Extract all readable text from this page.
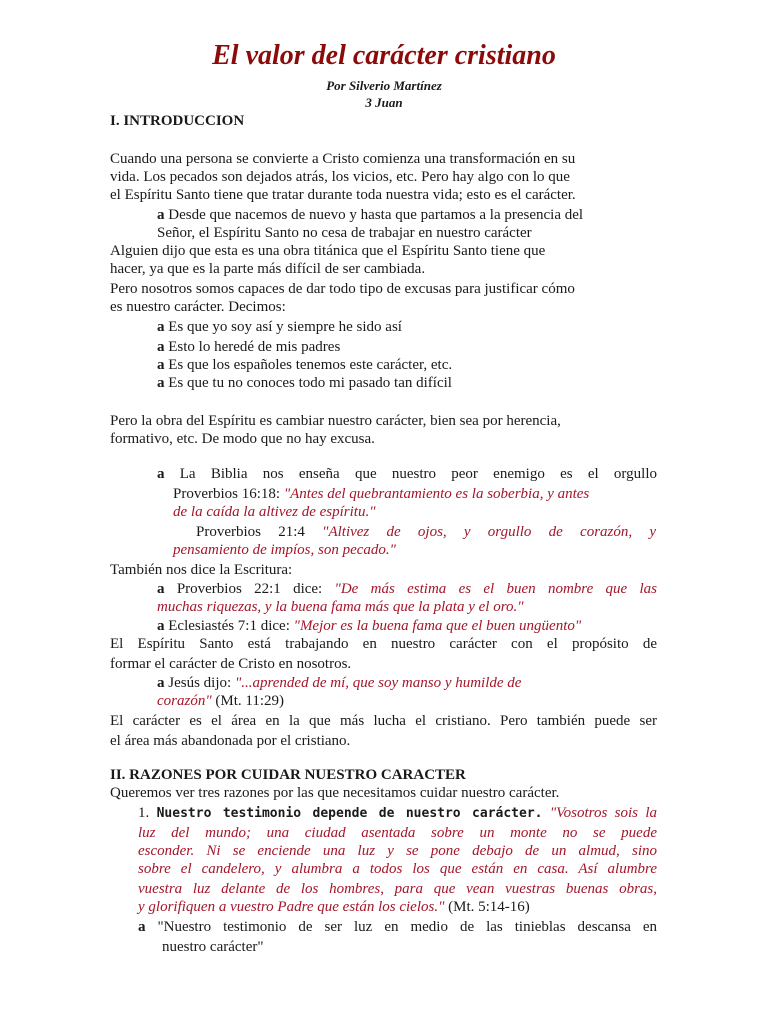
El valor del carácter cristiano
Por Silverio Martínez
3 Juan
I. INTRODUCCION
Cuando una persona se convierte a Cristo comienza una transformación en su
vida. Los pecados son dejados atrás, los vicios, etc. Pero hay algo con lo que
el Espíritu Santo tiene que tratar durante toda nuestra vida; esto es el carácter.
a Desde que nacemos de nuevo y hasta que partamos a la presencia del
Señor, el Espíritu Santo no cesa de trabajar en nuestro carácter
Alguien dijo que esta es una obra titánica que el Espíritu Santo tiene que
hacer, ya que es la parte más difícil de ser cambiada.
Pero nosotros somos capaces de dar todo tipo de excusas para justificar cómo
es nuestro carácter. Decimos:
a Es que yo soy así y siempre he sido así
a Esto lo heredé de mis padres
a Es que los españoles tenemos este carácter, etc.
a Es que tu no conoces todo mi pasado tan difícil
Pero la obra del Espíritu es cambiar nuestro carácter, bien sea por herencia,
formativo, etc. De modo que no hay excusa.
a La Biblia nos enseña que nuestro peor enemigo es el orgullo
Proverbios 16:18: "Antes del quebrantamiento es la soberbia, y antes
de la caída la altivez de espíritu."
Proverbios 21:4 "Altivez de ojos, y orgullo de corazón, y
pensamiento de impíos, son pecado."
También nos dice la Escritura:
a Proverbios 22:1 dice: "De más estima es el buen nombre que las
muchas riquezas, y la buena fama más que la plata y el oro."
a Eclesiastés 7:1 dice: "Mejor es la buena fama que el buen ungüento"
El Espíritu Santo está trabajando en nuestro carácter con el propósito de
formar el carácter de Cristo en nosotros.
a Jesús dijo: "...aprended de mí, que soy manso y humilde de
corazón" (Mt. 11:29)
El carácter es el área en la que más lucha el cristiano. Pero también puede ser
el área más abandonada por el cristiano.
II. RAZONES POR CUIDAR NUESTRO CARACTER
Queremos ver tres razones por las que necesitamos cuidar nuestro carácter.
1. Nuestro testimonio depende de nuestro carácter. "Vosotros sois la
luz del mundo; una ciudad asentada sobre un monte no se puede
esconder. Ni se enciende una luz y se pone debajo de un almud, sino
sobre el candelero, y alumbra a todos los que están en casa. Así alumbre
vuestra luz delante de los hombres, para que vean vuestras buenas obras,
y glorifiquen a vuestro Padre que están los cielos." (Mt. 5:14-16)
a "Nuestro testimonio de ser luz en medio de las tinieblas descansa en
nuestro carácter"
